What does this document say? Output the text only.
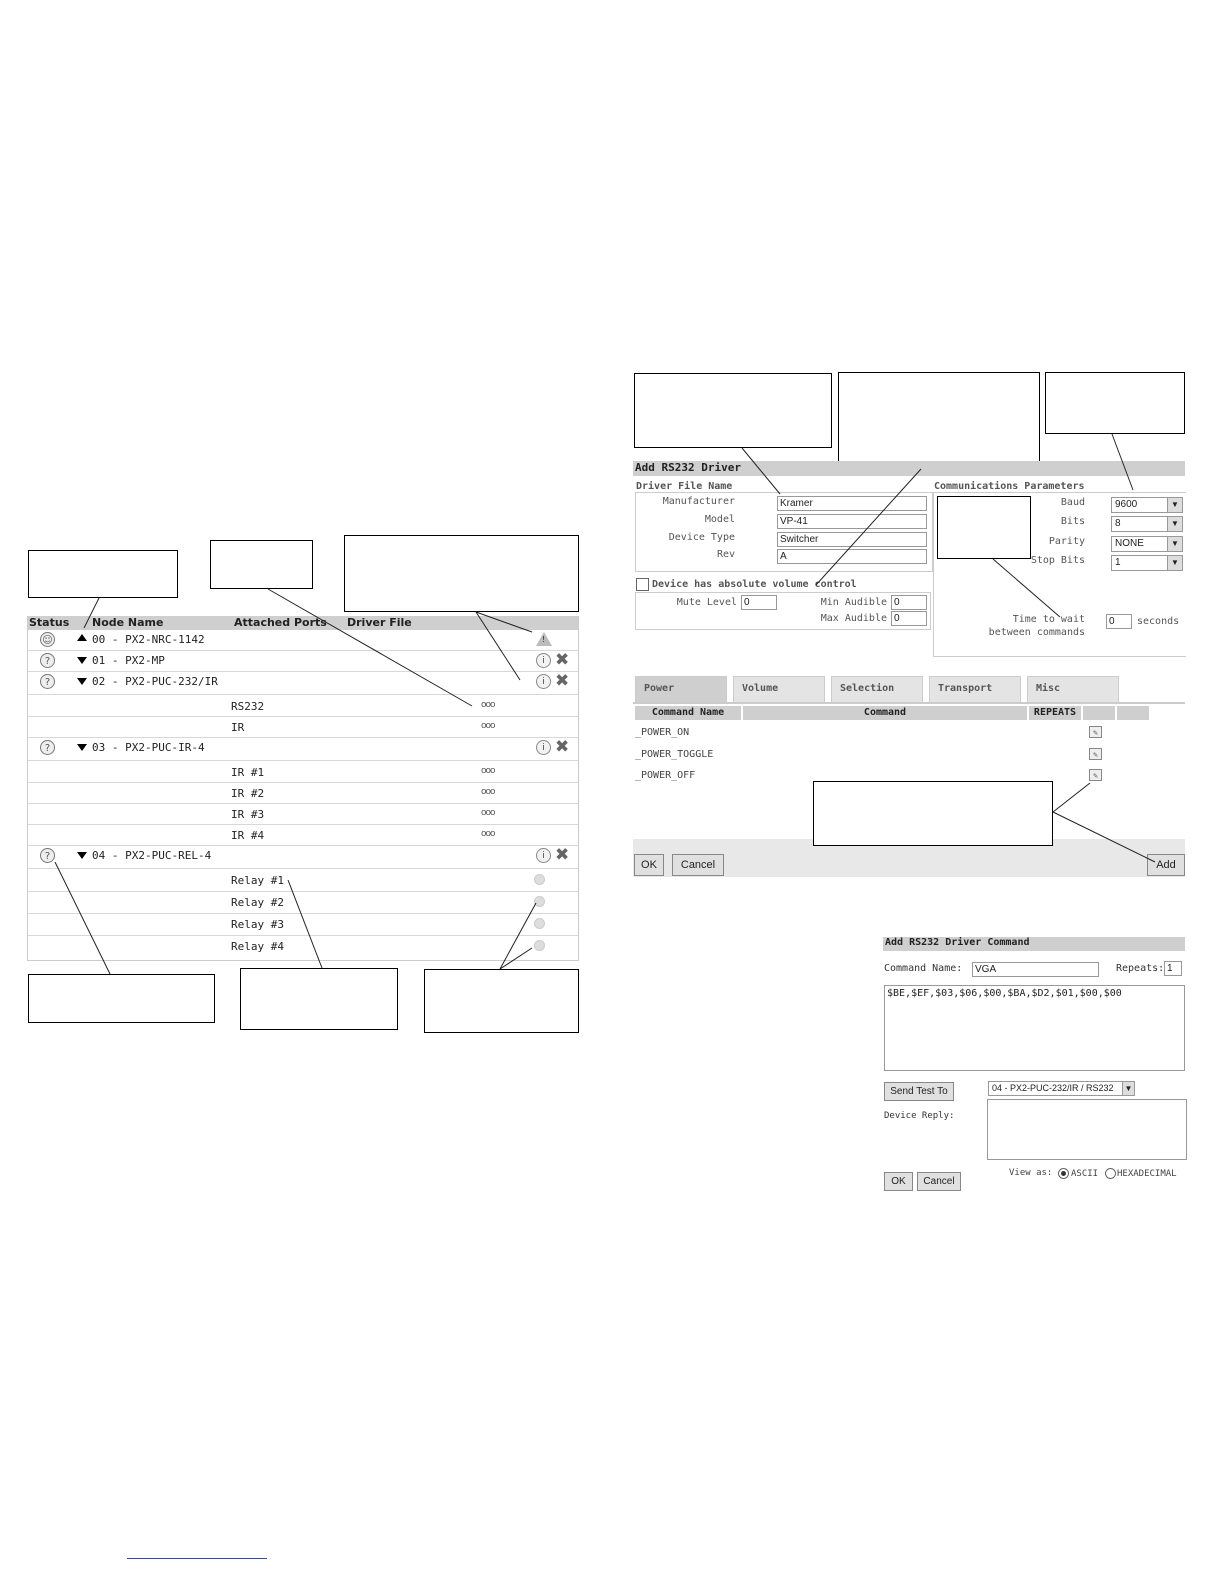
Status Node Name	Attached Ports Driver File
☺	00 - PX2-NRC-1142	!
?	01 - PX2-MP	i ✖
?	02 - PX2-PUC-232/IR	i ✖
RS232	ooo
IR	ooo
?	03 - PX2-PUC-IR-4	i ✖
IR #1	ooo
IR #2	ooo
IR #3	ooo
IR #4	ooo
?	04 - PX2-PUC-REL-4	i ✖
Relay #1
Relay #2
Relay #3
Relay #4
Add RS232 Driver
Driver File Name
Manufacturer	Kramer
Model	VP-41
Device Type	Switcher
Rev	A
Device has absolute volume control
Mute Level 0	Min Audible 0
Max Audible 0
Communications Parameters
Baud	9600	▼
Bits	8	▼
Parity	NONE	▼
Stop Bits	1	▼
Time to wait
between commands
0	seconds
Power	Volume	Selection	Transport	Misc
Command Name	Command	REPEATS
_POWER_ON	✎
_POWER_TOGGLE	✎
_POWER_OFF	✎
OK	Cancel	Add
Add RS232 Driver Command
Command Name:	VGA	Repeats: 1
$BE,$EF,$03,$06,$00,$BA,$D2,$01,$00,$00
Send Test To	04 - PX2-PUC-232/IR / RS232	▼
Device Reply:
OK	Cancel
View as: ASCII HEXADECIMAL
